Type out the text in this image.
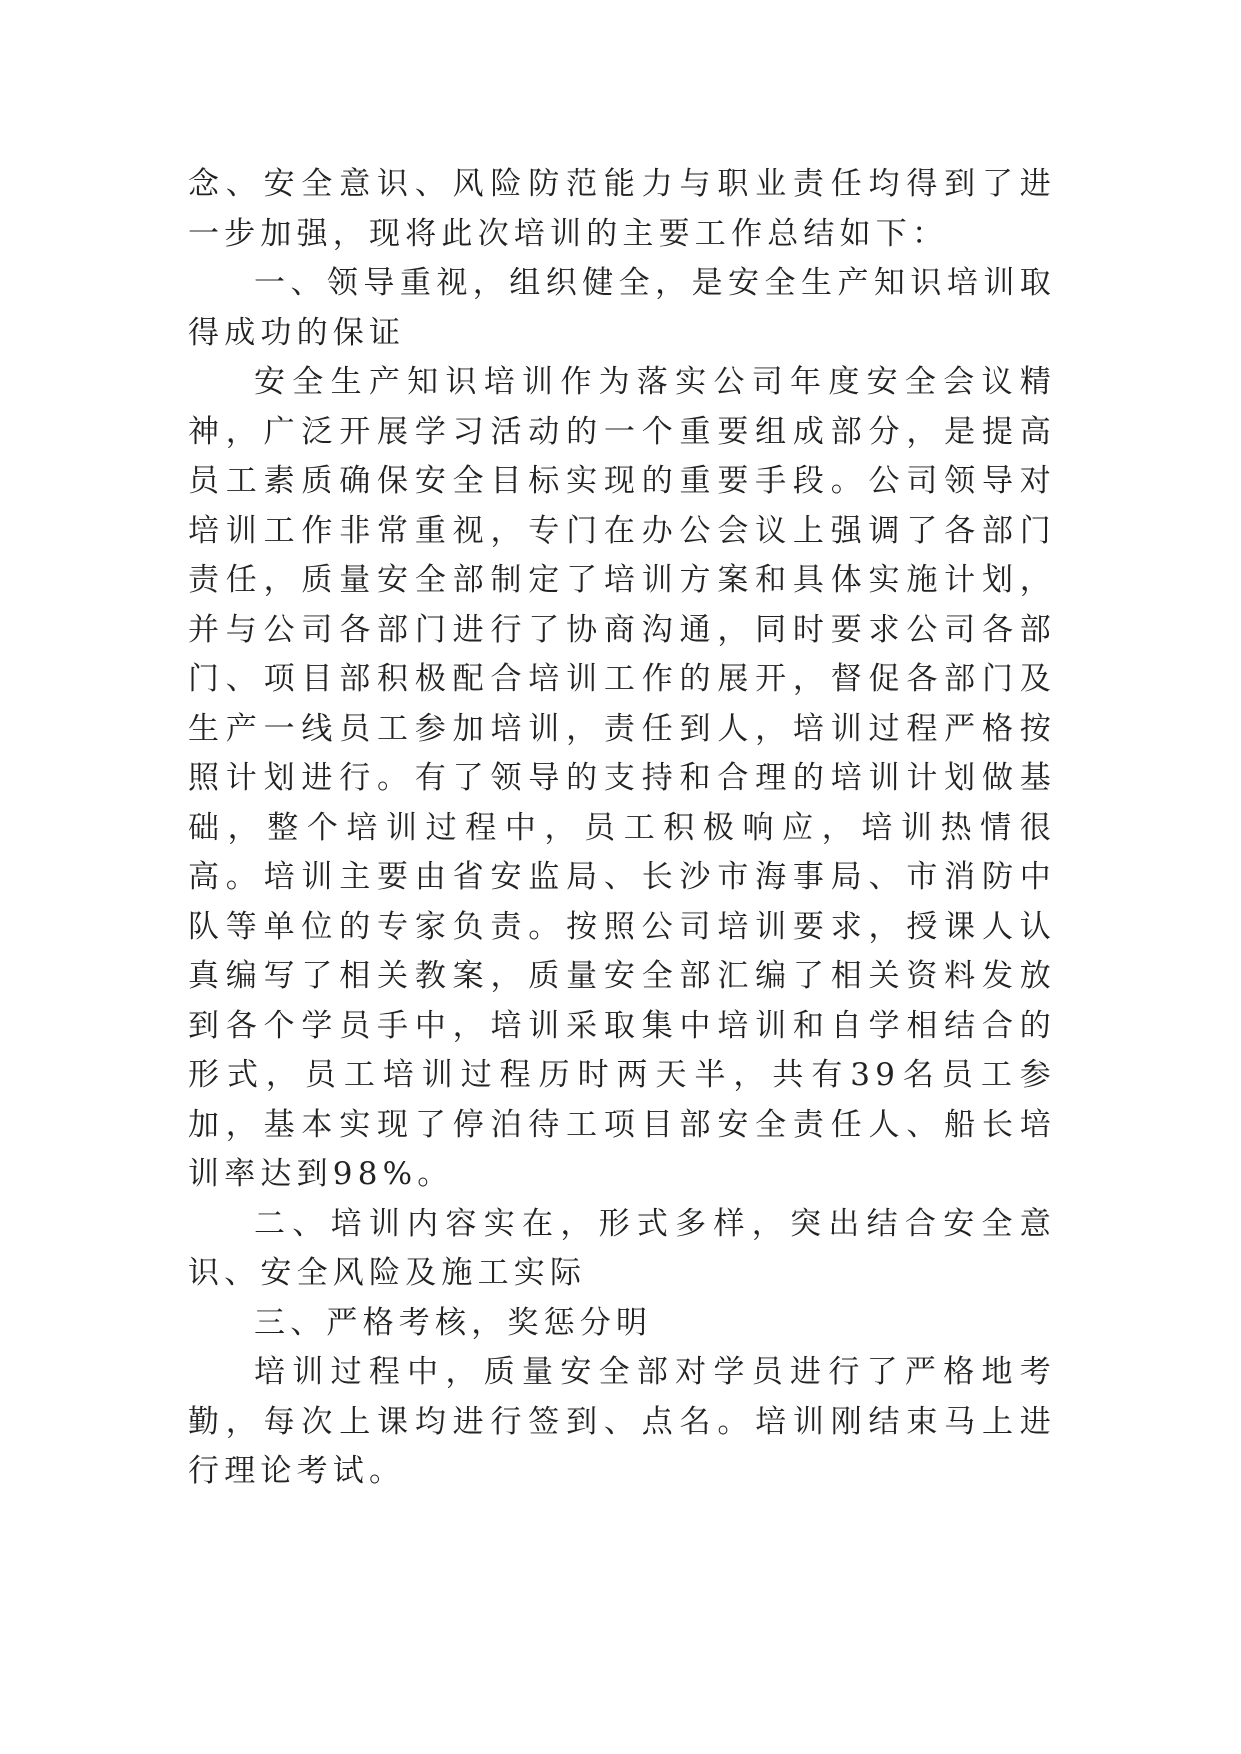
念、安全意识、风险防范能力与职业责任均得到了进一步加强，现将此次培训的主要工作总结如下：

一、领导重视，组织健全，是安全生产知识培训取得成功的保证

安全生产知识培训作为落实公司年度安全会议精神，广泛开展学习活动的一个重要组成部分，是提高员工素质确保安全目标实现的重要手段。公司领导对培训工作非常重视，专门在办公会议上强调了各部门责任，质量安全部制定了培训方案和具体实施计划，并与公司各部门进行了协商沟通，同时要求公司各部门、项目部积极配合培训工作的展开，督促各部门及生产一线员工参加培训，责任到人，培训过程严格按照计划进行。有了领导的支持和合理的培训计划做基础，整个培训过程中，员工积极响应，培训热情很高。培训主要由省安监局、长沙市海事局、市消防中队等单位的专家负责。按照公司培训要求，授课人认真编写了相关教案，质量安全部汇编了相关资料发放到各个学员手中，培训采取集中培训和自学相结合的形式，员工培训过程历时两天半，共有39名员工参加，基本实现了停泊待工项目部安全责任人、船长培训率达到98%。

二、培训内容实在，形式多样，突出结合安全意识、安全风险及施工实际

三、严格考核，奖惩分明

培训过程中，质量安全部对学员进行了严格地考勤，每次上课均进行签到、点名。培训刚结束马上进行理论考试。
